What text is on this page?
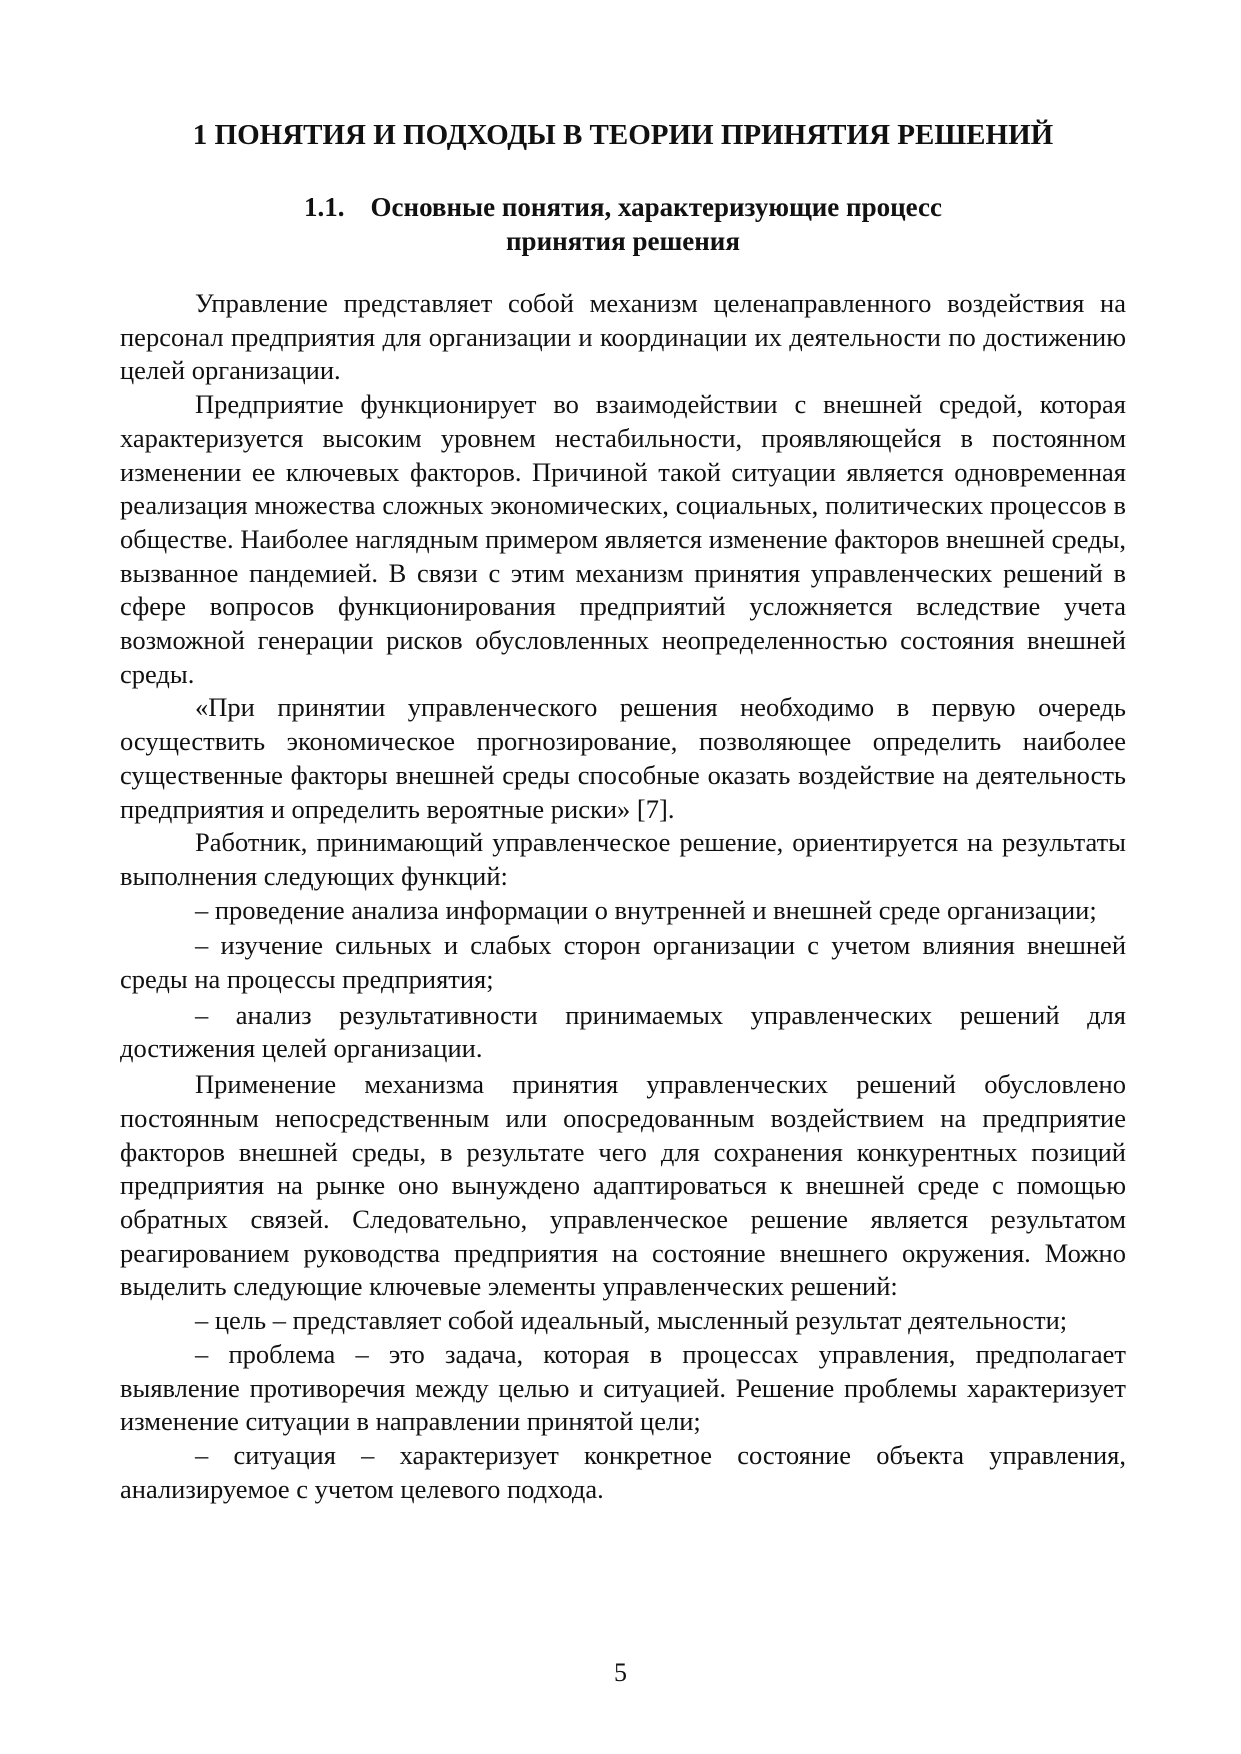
1 ПОНЯТИЯ И ПОДХОДЫ В ТЕОРИИ ПРИНЯТИЯ РЕШЕНИЙ
1.1. Основные понятия, характеризующие процесс
принятия решения

Управление представляет собой механизм целенаправленного воздействия на персонал предприятия для организации и координации их деятельности по достижению целей организации.

Предприятие функционирует во взаимодействии с внешней средой, которая характеризуется высоким уровнем нестабильности, проявляющейся в постоянном изменении ее ключевых факторов. Причиной такой ситуации является одновременная реализация множества сложных экономических, социальных, политических процессов в обществе. Наиболее наглядным примером является изменение факторов внешней среды, вызванное пандемией. В связи с этим механизм принятия управленческих решений в сфере вопросов функционирования предприятий усложняется вследствие учета возможной генерации рисков обусловленных неопределенностью состояния внешней среды.

«При принятии управленческого решения необходимо в первую очередь осуществить экономическое прогнозирование, позволяющее определить наиболее существенные факторы внешней среды способные оказать воздействие на деятельность предприятия и определить вероятные риски» [7].

Работник, принимающий управленческое решение, ориентируется на результаты выполнения следующих функций:

– проведение анализа информации о внутренней и внешней среде организации;

– изучение сильных и слабых сторон организации с учетом влияния внешней среды на процессы предприятия;

– анализ результативности принимаемых управленческих решений для достижения целей организации.

Применение механизма принятия управленческих решений обусловлено постоянным непосредственным или опосредованным воздействием на предприятие факторов внешней среды, в результате чего для сохранения конкурентных позиций предприятия на рынке оно вынуждено адаптироваться к внешней среде с помощью обратных связей. Следовательно, управленческое решение является результатом реагированием руководства предприятия на состояние внешнего окружения. Можно выделить следующие ключевые элементы управленческих решений:

– цель – представляет собой идеальный, мысленный результат деятельности;

– проблема – это задача, которая в процессах управления, предполагает выявление противоречия между целью и ситуацией. Решение проблемы характеризует изменение ситуации в направлении принятой цели;

– ситуация – характеризует конкретное состояние объекта управления, анализируемое с учетом целевого подхода.

5
